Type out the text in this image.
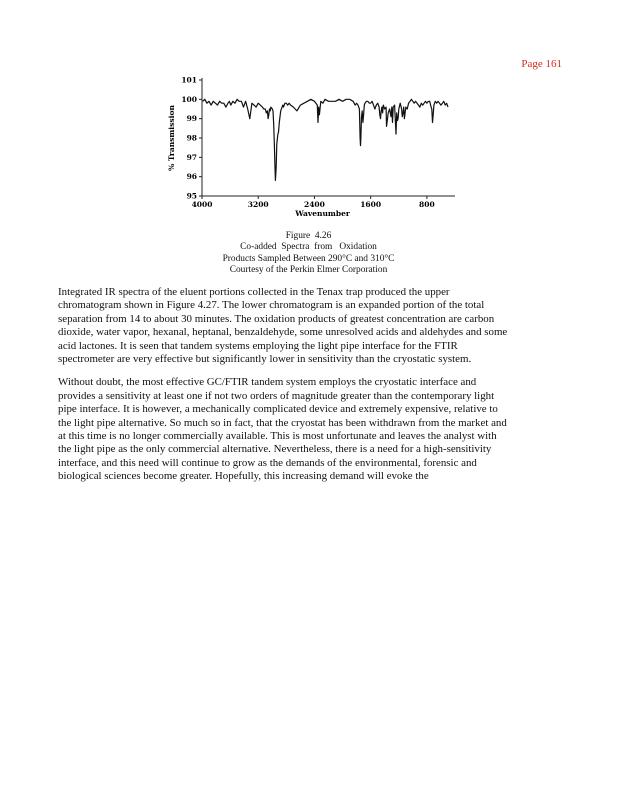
Page 161
95
96
97
98
99
100
101
4000	3200	2400	1600	800
Wavenumber
% Transmission
Figure  4.26
Co-added  Spectra  from   Oxidation
Products Sampled Between 290°C and 310°C
Courtesy of the Perkin Elmer Corporation

Integrated IR spectra of the eluent portions collected in the Tenax trap produced the upper
chromatogram shown in Figure 4.27. The lower chromatogram is an expanded portion of the total
separation from 14 to about 30 minutes. The oxidation products of greatest concentration are carbon
dioxide, water vapor, hexanal, heptanal, benzaldehyde, some unresolved acids and aldehydes and some
acid lactones. It is seen that tandem systems employing the light pipe interface for the FTIR
spectrometer are very effective but significantly lower in sensitivity than the cryostatic system.

Without doubt, the most effective GC/FTIR tandem system employs the cryostatic interface and
provides a sensitivity at least one if not two orders of magnitude greater than the contemporary light
pipe interface. It is however, a mechanically complicated device and extremely expensive, relative to
the light pipe alternative. So much so in fact, that the cryostat has been withdrawn from the market and
at this time is no longer commercially available. This is most unfortunate and leaves the analyst with
the light pipe as the only commercial alternative. Nevertheless, there is a need for a high-sensitivity
interface, and this need will continue to grow as the demands of the environmental, forensic and
biological sciences become greater. Hopefully, this increasing demand will evoke the
